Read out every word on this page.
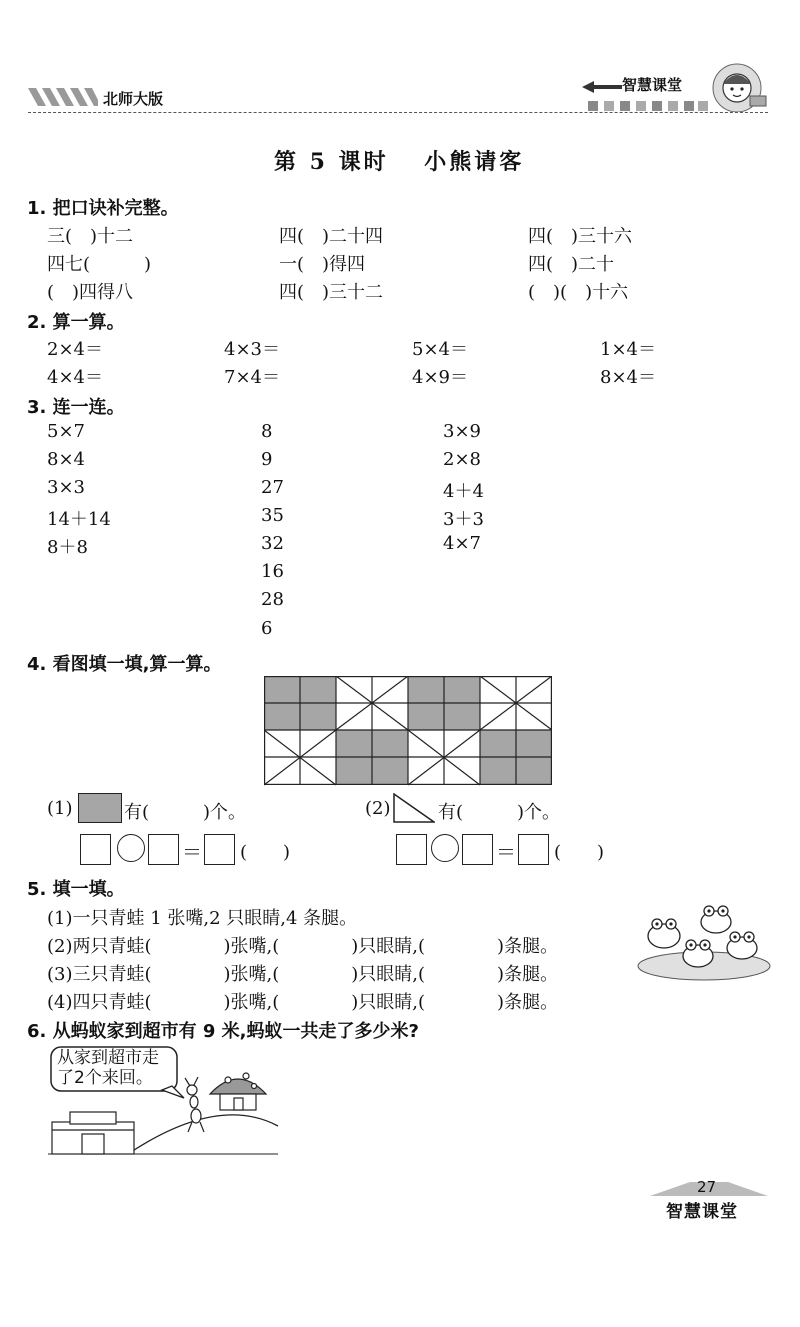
北师大版
智慧课堂
第 5 课时　 小熊请客
1. 把口诀补完整。
三(　)十二	四(　)二十四	四(　)三十六
四七(　　　)	一(　)得四	四(　)二十
(　)四得八	四(　)三十二	(　)(　)十六
2. 算一算。
2×4＝	4×3＝	5×4＝	1×4＝
4×4＝	7×4＝	4×9＝	8×4＝
3. 连一连。
5×7
8×4
3×3
14＋14
8＋8
8
9
27
35
32
16
28
6
3×9
2×8
4＋4
3＋3
4×7
4. 看图填一填,算一算。
(1)	有(　　　)个。	(2)	有(　　　)个。
＝ (　　)	＝ (　　)
5. 填一填。
(1)一只青蛙 1 张嘴,2 只眼睛,4 条腿。
(2)两只青蛙(　　　　)张嘴,(　　　　)只眼睛,(　　　　)条腿。
(3)三只青蛙(　　　　)张嘴,(　　　　)只眼睛,(　　　　)条腿。
(4)四只青蛙(　　　　)张嘴,(　　　　)只眼睛,(　　　　)条腿。
6. 从蚂蚁家到超市有 9 米,蚂蚁一共走了多少米?
从家到超市走
了2个来回。
27
智慧课堂
